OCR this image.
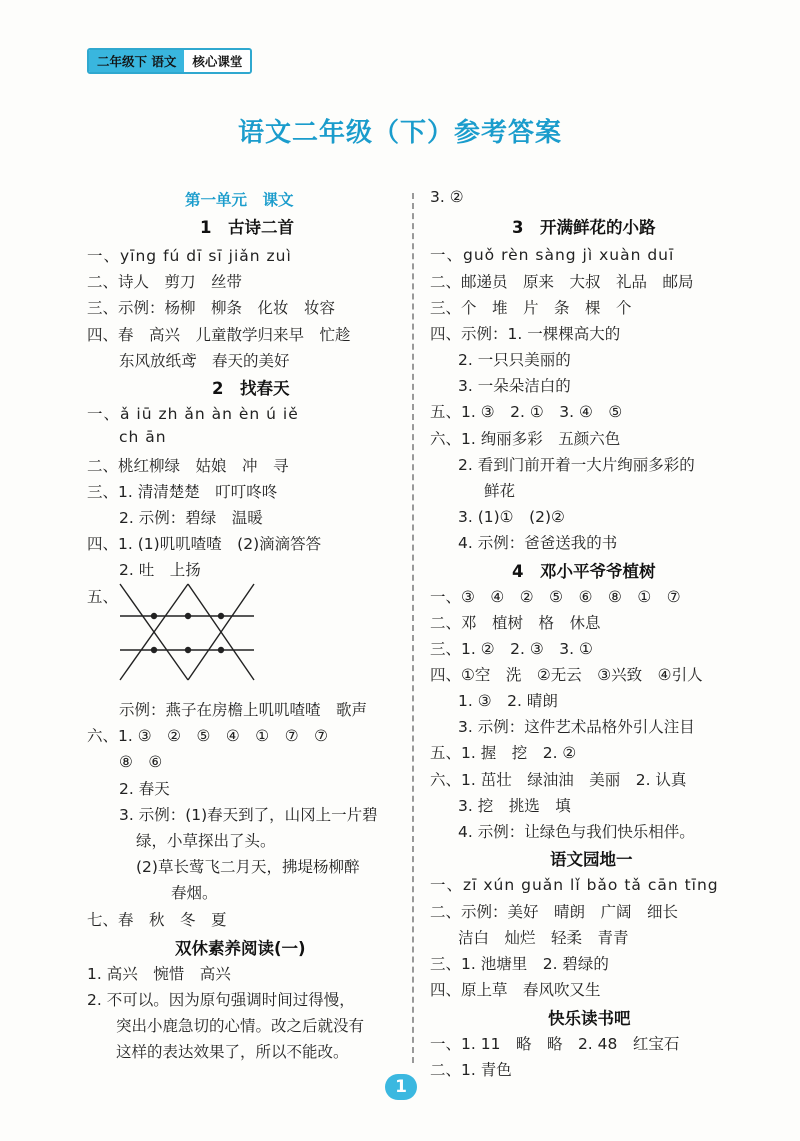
二年级下 语文	核心课堂
语文二年级（下）参考答案
第一单元　课文
1　古诗二首
一、yīng fú dī sī jiǎn zuì
二、诗人　剪刀　丝带
三、示例：杨柳　柳条　化妆　妆容
四、春　高兴　儿童散学归来早　忙趁
东风放纸鸢　春天的美好
2　找春天
一、ǎ iū zh ǎn àn èn ú iě
ch ān
二、桃红柳绿　姑娘　冲　寻
三、1. 清清楚楚　叮叮咚咚
2. 示例：碧绿　温暖
四、1. (1)叽叽喳喳　(2)滴滴答答
2. 吐　上扬
五、
示例：燕子在房檐上叽叽喳喳　歌声
六、1. ③　②　⑤　④　①　⑦　⑦
⑧　⑥
2. 春天
3. 示例：(1)春天到了，山冈上一片碧
绿，小草探出了头。
(2)草长莺飞二月天，拂堤杨柳醉
春烟。
七、春　秋　冬　夏
双休素养阅读(一)
1. 高兴　惋惜　高兴
2. 不可以。因为原句强调时间过得慢，
突出小鹿急切的心情。改之后就没有
这样的表达效果了，所以不能改。
3. ②
3　开满鲜花的小路
一、guǒ rèn sàng jì xuàn duī
二、邮递员　原来　大叔　礼品　邮局
三、个　堆　片　条　棵　个
四、示例：1. 一棵棵高大的
2. 一只只美丽的
3. 一朵朵洁白的
五、1. ③　2. ①　3. ④　⑤
六、1. 绚丽多彩　五颜六色
2. 看到门前开着一大片绚丽多彩的
鲜花
3. (1)①　(2)②
4. 示例：爸爸送我的书
4　邓小平爷爷植树
一、③　④　②　⑤　⑥　⑧　①　⑦
二、邓　植树　格　休息
三、1. ②　2. ③　3. ①
四、①空　洗　②无云　③兴致　④引人
1. ③　2. 晴朗
3. 示例：这件艺术品格外引人注目
五、1. 握　挖　2. ②
六、1. 茁壮　绿油油　美丽　2. 认真
3. 挖　挑选　填
4. 示例：让绿色与我们快乐相伴。
语文园地一
一、zī xún guǎn lǐ bǎo tǎ cān tīng
二、示例：美好　晴朗　广阔　细长
洁白　灿烂　轻柔　青青
三、1. 池塘里　2. 碧绿的
四、原上草　春风吹又生
快乐读书吧
一、1. 11　略　略　2. 48　红宝石
二、1. 青色
1
